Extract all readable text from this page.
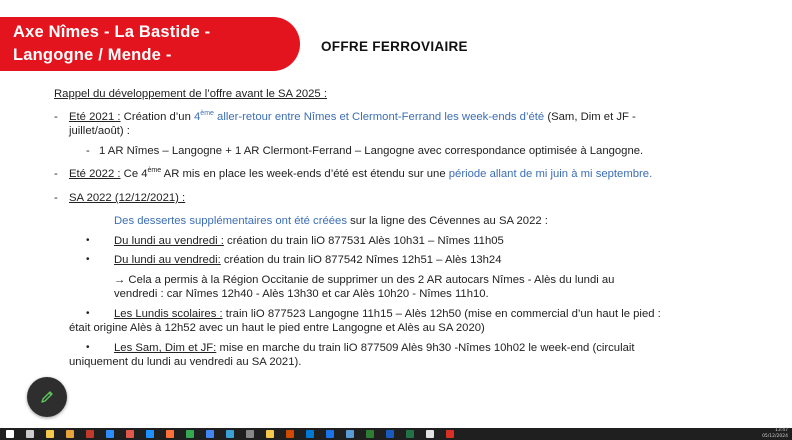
Axe Nîmes - La Bastide -
Langogne / Mende -	OFFRE FERROVIAIRE
Rappel du développement de l’offre avant le SA 2025 :
- Eté 2021 : Création d’un 4ème aller-retour entre Nîmes et Clermont-Ferrand les week-ends d’été (Sam, Dim et JF -
juillet/août) :
- 1 AR Nîmes – Langogne + 1 AR Clermont-Ferrand – Langogne avec correspondance optimisée à Langogne.
- Eté 2022 : Ce 4ème AR mis en place les week-ends d’été est étendu sur une période allant de mi juin à mi septembre.
- SA 2022 (12/12/2021) :
Des dessertes supplémentaires ont été créées sur la ligne des Cévennes au SA 2022 :
• Du lundi au vendredi : création du train liO 877531 Alès 10h31 – Nîmes 11h05
• Du lundi au vendredi: création du train liO 877542 Nîmes 12h51 – Alès 13h24
→ Cela a permis à la Région Occitanie de supprimer un des 2 AR autocars Nîmes - Alès du lundi au
vendredi : car Nîmes 12h40 - Alès 13h30 et car Alès 10h20 - Nîmes 11h10.
• Les Lundis scolaires : train liO 877523 Langogne 11h15 – Alès 12h50 (mise en commercial d’un haut le pied :
était origine Alès à 12h52 avec un haut le pied entre Langogne et Alès au SA 2020)
• Les Sam, Dim et JF: mise en marche du train liO 877509 Alès 9h30 -Nîmes 10h02 le week-end (circulait
uniquement du lundi au vendredi au SA 2021).
13:47
05/12/2024
